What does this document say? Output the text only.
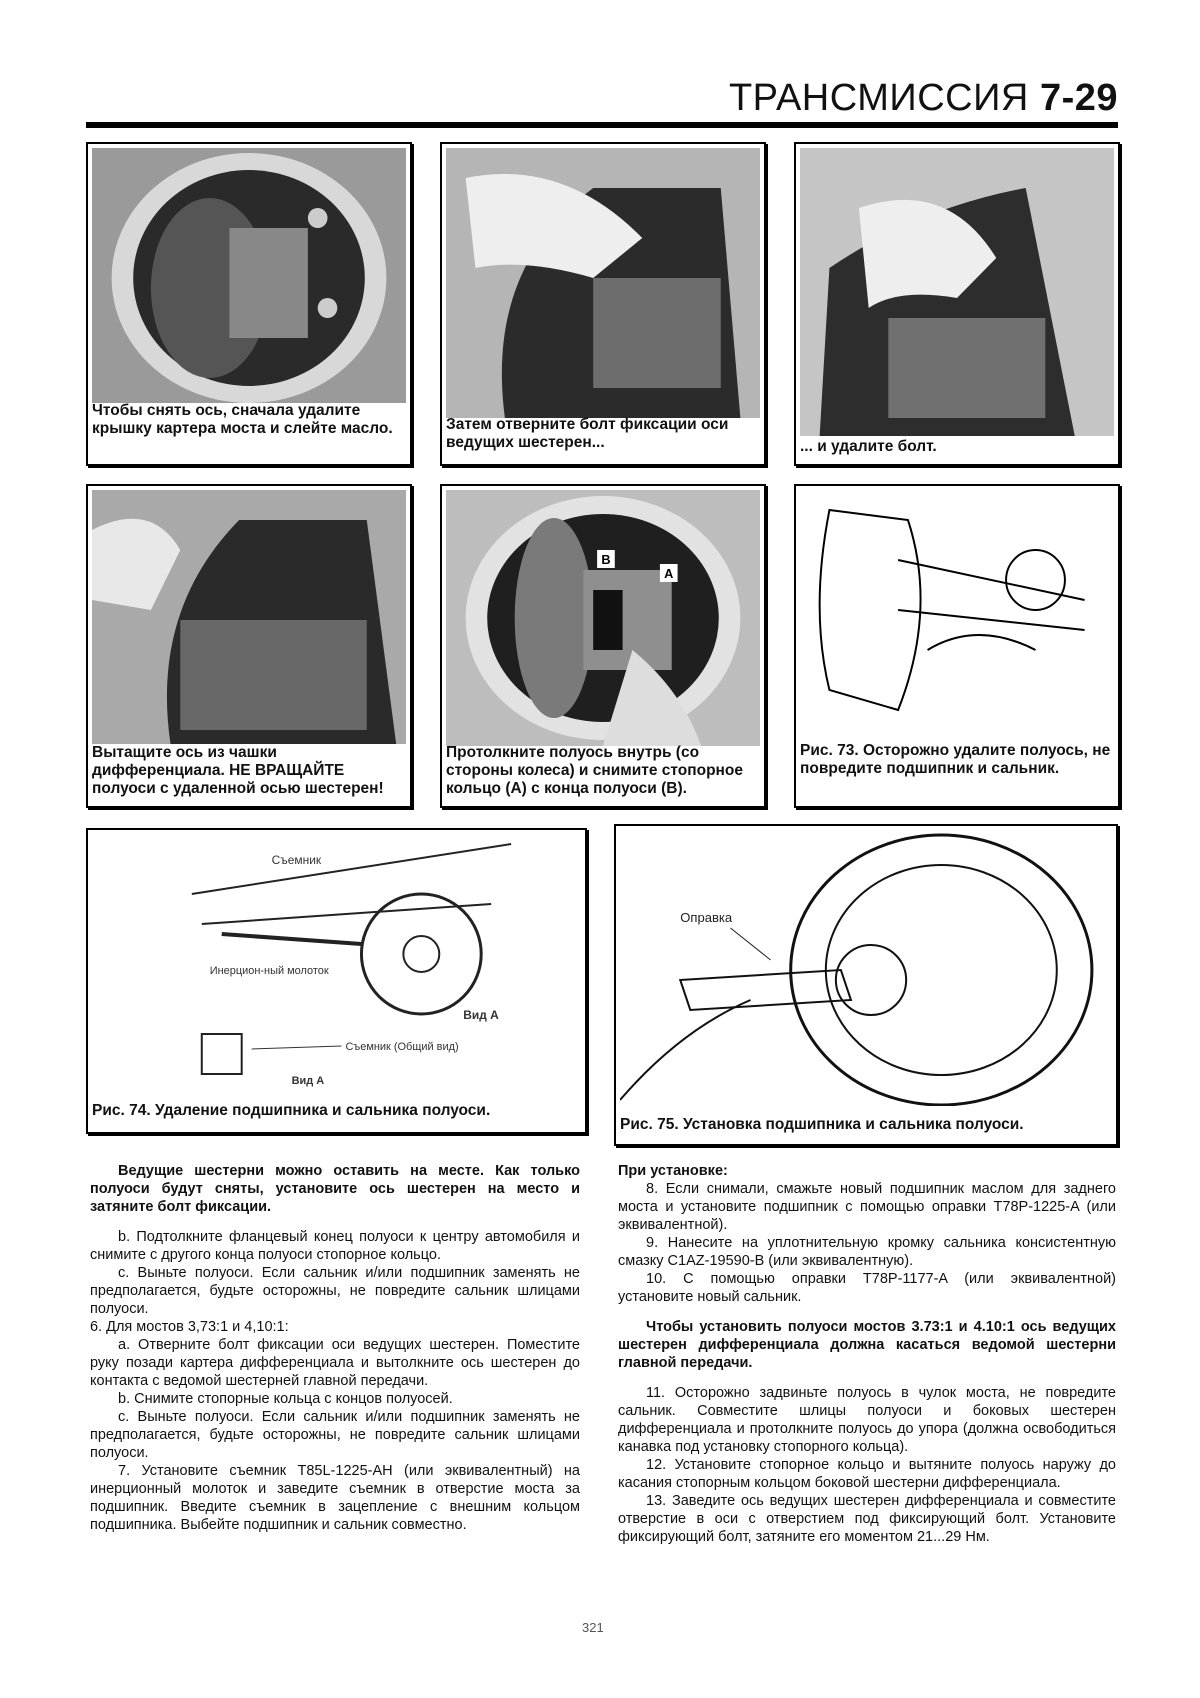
ТРАНСМИССИЯ 7-29
Чтобы снять ось, сначала удалите крышку картера моста и слейте масло.	Затем отверните болт фиксации оси ведущих шестерен...	... и удалите болт.
Вытащите ось из чашки дифференциала. НЕ ВРАЩАЙТЕ полуоси с удаленной осью шестерен!
B
A
Протолкните полуось внутрь (со стороны колеса) и снимите стопорное кольцо (А) с конца полуоси (В).
Рис. 73. Осторожно удалите полуось, не повредите подшипник и сальник.
Съемник
Инерцион-ный молоток
Вид А
Съемник (Общий вид)
Вид А
Рис. 74. Удаление подшипника и сальника полуоси.
Оправка
Рис. 75. Установка подшипника и сальника полуоси.

Ведущие шестерни можно оставить на месте. Как только полуоси будут сняты, установите ось шестерен на место и затяните болт фиксации.

b. Подтолкните фланцевый конец полуоси к центру автомобиля и снимите с другого конца полуоси стопорное кольцо.

c. Выньте полуоси. Если сальник и/или подшипник заменять не предполагается, будьте осторожны, не повредите сальник шлицами полуоси.

6. Для мостов 3,73:1 и 4,10:1:

a. Отверните болт фиксации оси ведущих шестерен. Поместите руку позади картера дифференциала и вытолкните ось шестерен до контакта с ведомой шестерней главной передачи.

b. Снимите стопорные кольца с концов полуосей.

c. Выньте полуоси. Если сальник и/или подшипник заменять не предполагается, будьте осторожны, не повредите сальник шлицами полуоси.

7. Установите съемник T85L-1225-AH (или эквивалентный) на инерционный молоток и заведите съемник в отверстие моста за подшипник. Введите съемник в зацепление с внешним кольцом подшипника. Выбейте подшипник и сальник совместно.

При установке:

8. Если снимали, смажьте новый подшипник маслом для заднего моста и установите подшипник с помощью оправки T78P-1225-A (или эквивалентной).

9. Нанесите на уплотнительную кромку сальника консистентную смазку C1AZ-19590-B (или эквивалентную).

10. С помощью оправки T78P-1177-A (или эквивалентной) установите новый сальник.

Чтобы установить полуоси мостов 3.73:1 и 4.10:1 ось ведущих шестерен дифференциала должна касаться ведомой шестерни главной передачи.

11. Осторожно задвиньте полуось в чулок моста, не повредите сальник. Совместите шлицы полуоси и боковых шестерен дифференциала и протолкните полуось до упора (должна освободиться канавка под установку стопорного кольца).

12. Установите стопорное кольцо и вытяните полуось наружу до касания стопорным кольцом боковой шестерни дифференциала.

13. Заведите ось ведущих шестерен дифференциала и совместите отверстие в оси с отверстием под фиксирующий болт. Установите фиксирующий болт, затяните его моментом 21...29 Нм.

321
